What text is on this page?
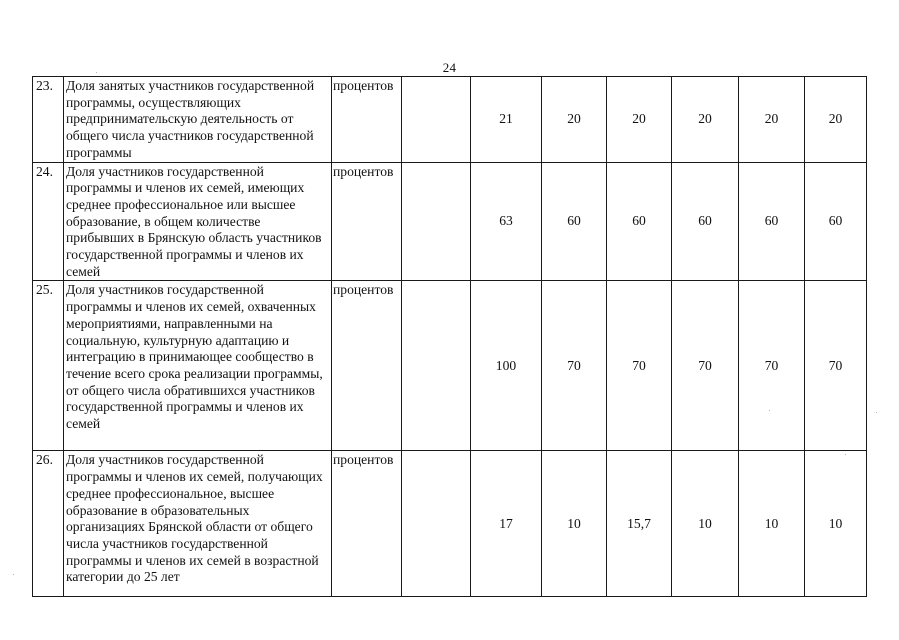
24
23.	Доля занятых участников государственной программы, осуществляющих предпринимательскую деятельность от общего числа участников государственной программы	процентов		21	20	20	20	20	20
24.	Доля участников государственной программы и членов их семей, имеющих среднее профессиональное или высшее образование, в общем количестве прибывших в Брянскую область участников государственной программы и членов их семей	процентов		63	60	60	60	60	60
25.	Доля участников государственной программы и членов их семей, охваченных мероприятиями, направленными на социальную, культурную адаптацию и интеграцию в принимающее сообщество в течение всего срока реализации программы, от общего числа обратившихся участников государственной программы и членов их семей	процентов		100	70	70	70	70	70
26.	Доля участников государственной программы и членов их семей, получающих среднее профессиональное, высшее образование в образовательных организациях Брянской области от общего числа участников государственной программы и членов их семей в возрастной категории до 25 лет	процентов		17	10	15,7	10	10	10
